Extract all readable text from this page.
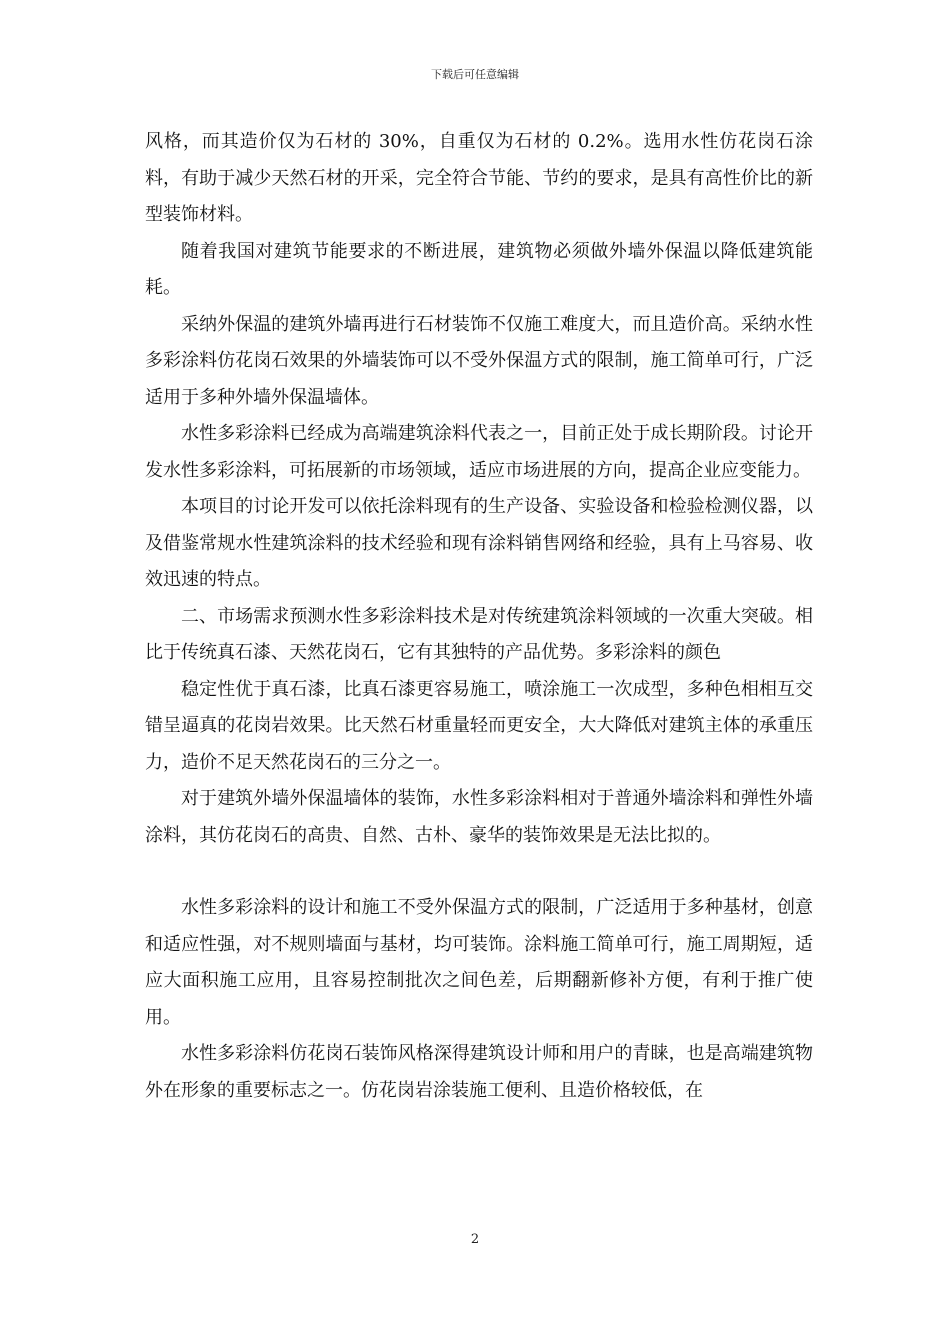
下载后可任意编辑

风格，而其造价仅为石材的 30%，自重仅为石材的 0.2%。选用水性仿花岗石涂料，有助于减少天然石材的开采，完全符合节能、节约的要求，是具有高性价比的新型装饰材料。

随着我国对建筑节能要求的不断进展，建筑物必须做外墙外保温以降低建筑能耗。

采纳外保温的建筑外墙再进行石材装饰不仅施工难度大，而且造价高。采纳水性多彩涂料仿花岗石效果的外墙装饰可以不受外保温方式的限制，施工简单可行，广泛适用于多种外墙外保温墙体。

水性多彩涂料已经成为高端建筑涂料代表之一，目前正处于成长期阶段。讨论开发水性多彩涂料，可拓展新的市场领域，适应市场进展的方向，提高企业应变能力。

本项目的讨论开发可以依托涂料现有的生产设备、实验设备和检验检测仪器，以及借鉴常规水性建筑涂料的技术经验和现有涂料销售网络和经验，具有上马容易、收效迅速的特点。

二、市场需求预测水性多彩涂料技术是对传统建筑涂料领域的一次重大突破。相比于传统真石漆、天然花岗石，它有其独特的产品优势。多彩涂料的颜色

稳定性优于真石漆，比真石漆更容易施工，喷涂施工一次成型，多种色相相互交错呈逼真的花岗岩效果。比天然石材重量轻而更安全，大大降低对建筑主体的承重压力，造价不足天然花岗石的三分之一。

对于建筑外墙外保温墙体的装饰，水性多彩涂料相对于普通外墙涂料和弹性外墙涂料，其仿花岗石的高贵、自然、古朴、豪华的装饰效果是无法比拟的。

水性多彩涂料的设计和施工不受外保温方式的限制，广泛适用于多种基材，创意和适应性强，对不规则墙面与基材，均可装饰。涂料施工简单可行，施工周期短，适应大面积施工应用，且容易控制批次之间色差，后期翻新修补方便，有利于推广使用。

水性多彩涂料仿花岗石装饰风格深得建筑设计师和用户的青睐，也是高端建筑物外在形象的重要标志之一。仿花岗岩涂装施工便利、且造价格较低，在

2
